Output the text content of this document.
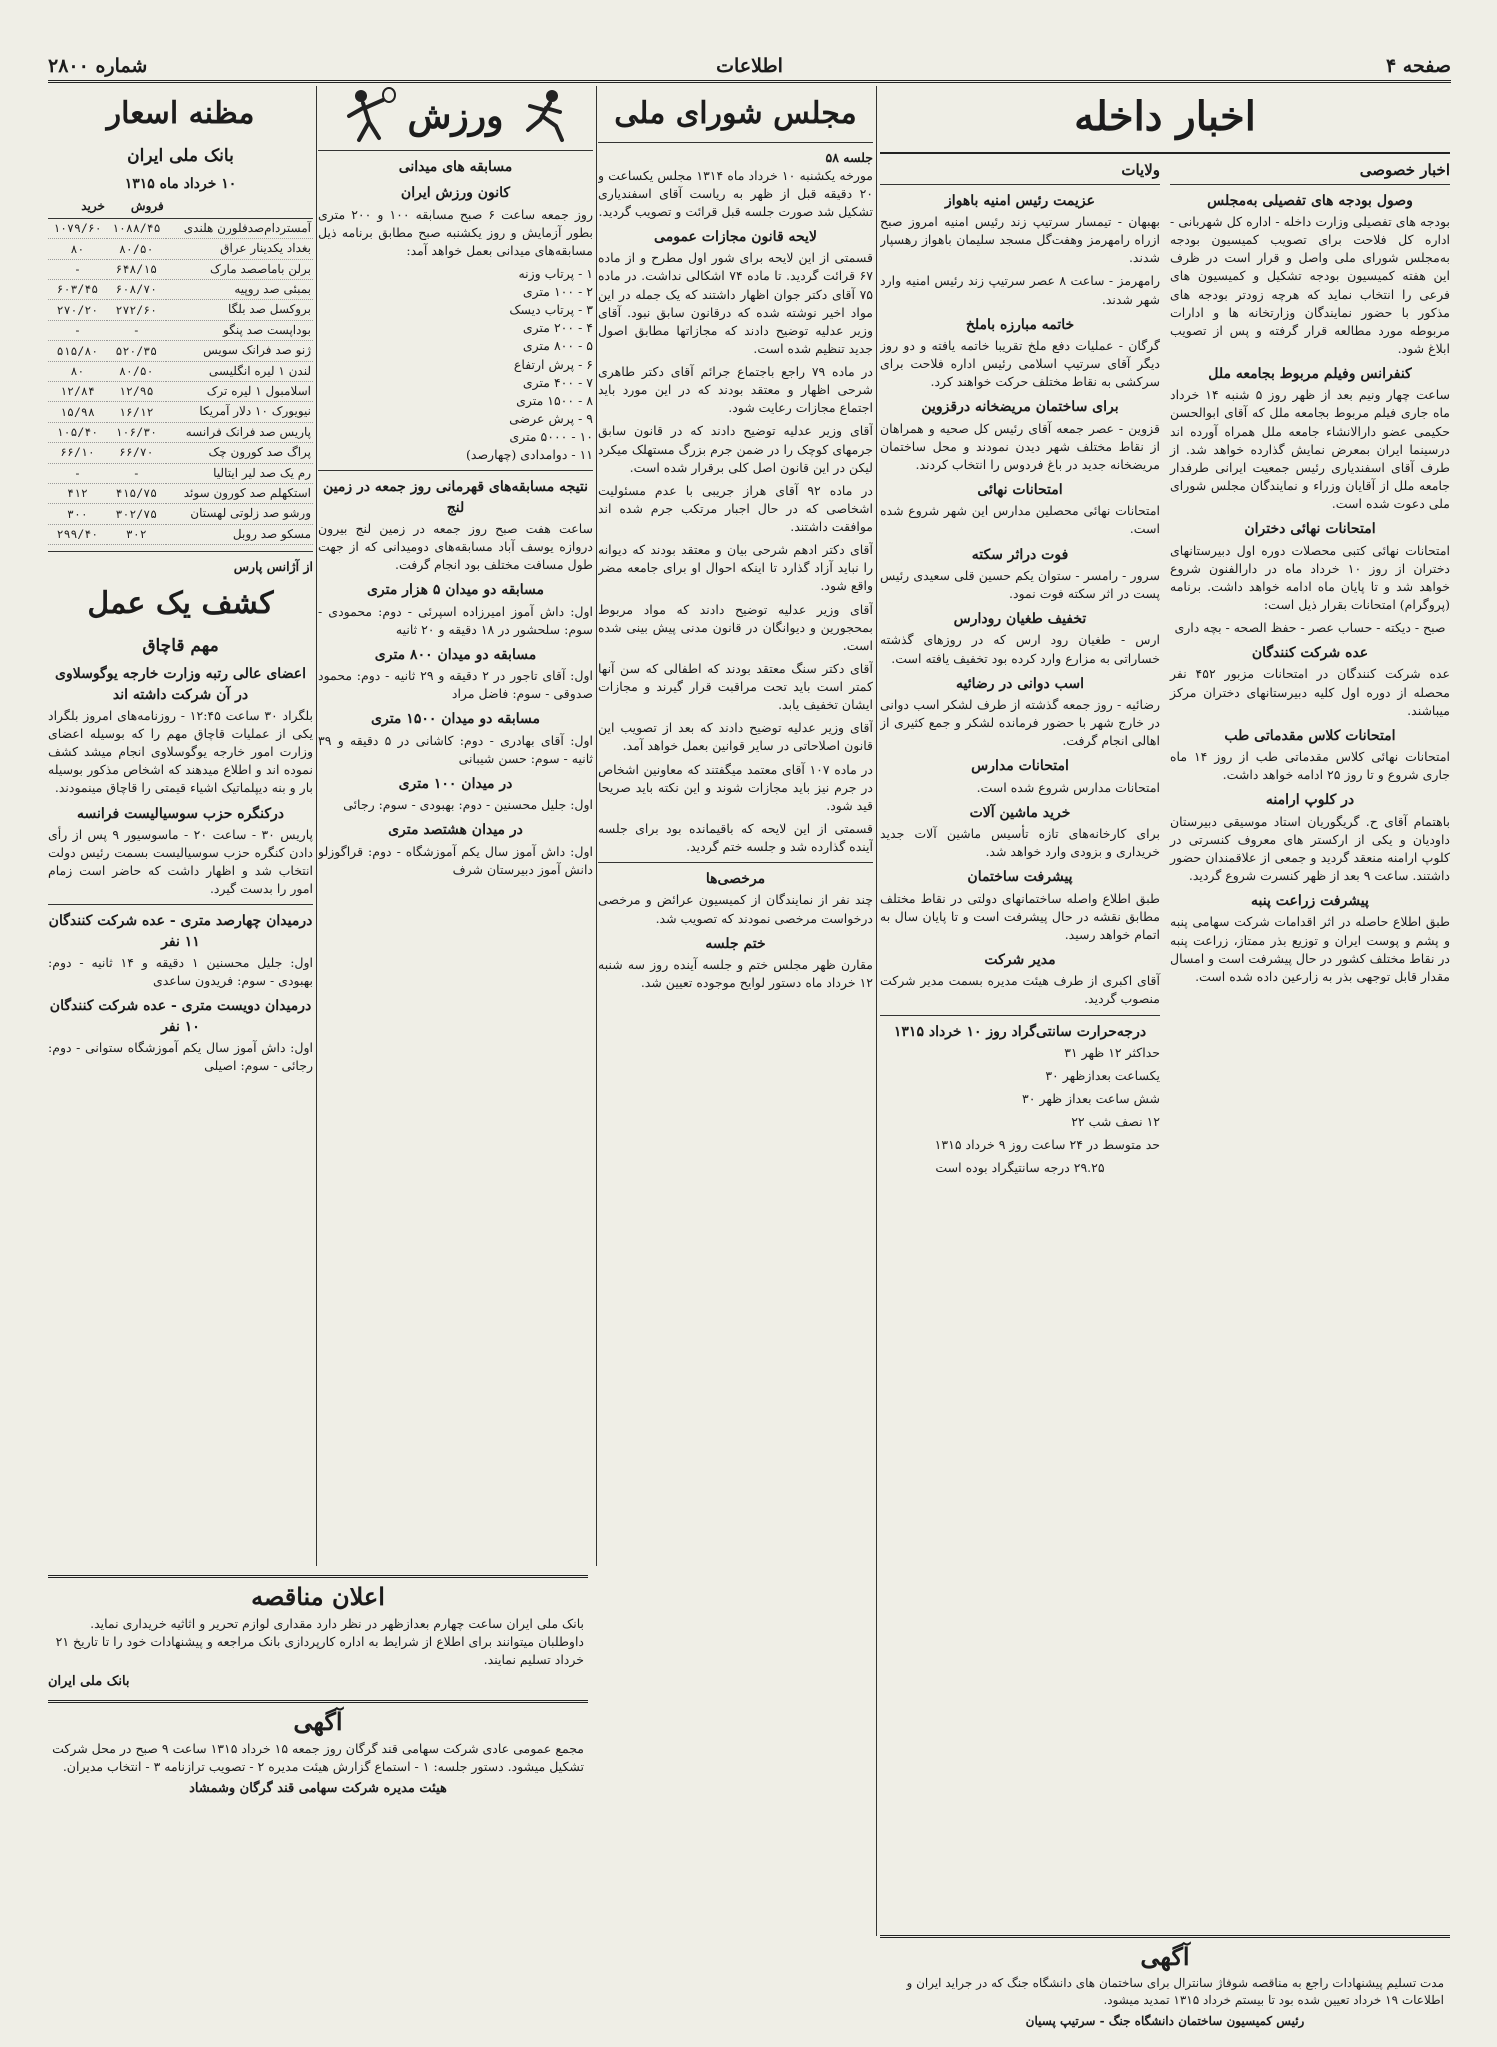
صفحه ۴
اطلاعات
شماره ۲۸۰۰
اخبار داخله
اخبار خصوصی
وصول بودجه های تفصیلی به‌مجلس

بودجه های تفصیلی وزارت داخله - اداره کل شهربانی - اداره کل فلاحت برای تصویب کمیسیون بودجه به‌مجلس شورای ملی واصل و قرار است در ظرف این هفته کمیسیون بودجه تشکیل و کمیسیون های فرعی را انتخاب نماید که هرچه زودتر بودجه های مذکور با حضور نمایندگان وزارتخانه ها و ادارات مربوطه مورد مطالعه قرار گرفته و پس از تصویب ابلاغ شود.

کنفرانس وفیلم مربوط بجامعه ملل

ساعت چهار ونیم بعد از ظهر روز ۵ شنبه ۱۴ خرداد ماه جاری فیلم مربوط بجامعه ملل که آقای ابوالحسن حکیمی عضو دارالانشاء جامعه ملل همراه آورده اند درسینما ایران بمعرض نمایش گذارده خواهد شد. از طرف آقای اسفندیاری رئیس جمعیت ایرانی طرفدار جامعه ملل از آقایان وزراء و نمایندگان مجلس شورای ملی دعوت شده است.

امتحانات نهائی دختران

امتحانات نهائی کتبی محصلات دوره اول دبیرستانهای دختران از روز ۱۰ خرداد ماه در دارالفنون شروع خواهد شد و تا پایان ماه ادامه خواهد داشت. برنامه (پروگرام) امتحانات بقرار ذیل است:

صبح - دیکته - حساب عصر - حفظ الصحه - بچه داری

عده شرکت کنندگان

عده شرکت کنندگان در امتحانات مزبور ۴۵۲ نفر محصله از دوره اول کلیه دبیرستانهای دختران مرکز میباشند.

امتحانات کلاس مقدماتی طب

امتحانات نهائی کلاس مقدماتی طب از روز ۱۴ ماه جاری شروع و تا روز ۲۵ ادامه خواهد داشت.

در کلوپ ارامنه

باهتمام آقای ح. گریگوریان استاد موسیقی دبیرستان داودیان و یکی از ارکستر های معروف کنسرتی در کلوپ ارامنه منعقد گردید و جمعی از علاقمندان حضور داشتند. ساعت ۹ بعد از ظهر کنسرت شروع گردید.

پیشرفت زراعت پنبه

طبق اطلاع حاصله در اثر اقدامات شرکت سهامی پنبه و پشم و پوست ایران و توزیع بذر ممتاز، زراعت پنبه در نقاط مختلف کشور در حال پیشرفت است و امسال مقدار قابل توجهی بذر به زارعین داده شده است.

ولايات
عزیمت رئیس امنیه باهواز

بهبهان - تیمسار سرتیپ زند رئیس امنیه امروز صبح ازراه رامهرمز وهفت‌گل مسجد سلیمان باهواز رهسپار شدند.

رامهرمز - ساعت ۸ عصر سرتیپ زند رئیس امنیه وارد شهر شدند.

خاتمه مبارزه باملخ

گرگان - عملیات دفع ملخ تقریبا خاتمه یافته و دو روز دیگر آقای سرتیپ اسلامی رئیس اداره فلاحت برای سرکشی به نقاط مختلف حرکت خواهند کرد.

برای ساختمان مریضخانه درقزوین

قزوین - عصر جمعه آقای رئیس کل صحیه و همراهان از نقاط مختلف شهر دیدن نمودند و محل ساختمان مریضخانه جدید در باغ فردوس را انتخاب کردند.

امتحانات نهائی

امتحانات نهائی محصلین مدارس این شهر شروع شده است.

فوت دراثر سکته

سرور - رامسر - ستوان یکم حسین قلی سعیدی رئیس پست در اثر سکته فوت نمود.

تخفیف طغیان رودارس

ارس - طغیان رود ارس که در روزهای گذشته خساراتی به مزارع وارد کرده بود تخفیف یافته است.

اسب دوانی در رضائیه

رضائیه - روز جمعه گذشته از طرف لشکر اسب دوانی در خارج شهر با حضور فرمانده لشکر و جمع کثیری از اهالی انجام گرفت.

امتحانات مدارس

امتحانات مدارس شروع شده است.

خرید ماشین آلات

برای کارخانه‌های تازه تأسیس ماشین آلات جدید خریداری و بزودی وارد خواهد شد.

پیشرفت ساختمان

طبق اطلاع واصله ساختمانهای دولتی در نقاط مختلف مطابق نقشه در حال پیشرفت است و تا پایان سال به اتمام خواهد رسید.

مدیر شرکت

آقای اکبری از طرف هیئت مدیره بسمت مدیر شرکت منصوب گردید.

درجه‌حرارت سانتی‌گراد روز ۱۰ خرداد ۱۳۱۵
حداکثر ۱۲ ظهر ۳۱
یکساعت بعدازظهر ۳۰
شش ساعت بعداز ظهر ۳۰
۱۲ نصف شب ۲۲
حد متوسط در ۲۴ ساعت روز ۹ خرداد ۱۳۱۵
۲۹.۲۵ درجه سانتیگراد بوده است
مجلس شورای ملی
جلسه ۵۸

مورخه یکشنبه ۱۰ خرداد ماه ۱۳۱۴ مجلس یکساعت و ۲۰ دقیقه قبل از ظهر به ریاست آقای اسفندیاری تشکیل شد صورت جلسه قبل قرائت و تصویب گردید.

لایحه قانون مجازات عمومی

قسمتی از این لایحه برای شور اول مطرح و از ماده ۶۷ قرائت گردید. تا ماده ۷۴ اشکالی نداشت. در ماده ۷۵ آقای دکتر جوان اظهار داشتند که یک جمله در این مواد اخیر نوشته شده که درقانون سابق نبود. آقای وزیر عدلیه توضیح دادند که مجازاتها مطابق اصول جدید تنظیم شده است.

در ماده ۷۹ راجع باجتماع جرائم آقای دکتر طاهری شرحی اظهار و معتقد بودند که در این مورد باید اجتماع مجازات رعایت شود.

آقای وزیر عدلیه توضیح دادند که در قانون سابق جرمهای کوچک را در ضمن جرم بزرگ مستهلک میکرد لیکن در این قانون اصل کلی برقرار شده است.

در ماده ۹۲ آقای هراز جریبی با عدم مسئولیت اشخاصی که در حال اجبار مرتکب جرم شده اند موافقت داشتند.

آقای دکتر ادهم شرحی بیان و معتقد بودند که دیوانه را نباید آزاد گذارد تا اینکه احوال او برای جامعه مضر واقع شود.

آقای وزیر عدلیه توضیح دادند که مواد مربوط بمحجورین و دیوانگان در قانون مدنی پیش بینی شده است.

آقای دکتر سنگ معتقد بودند که اطفالی که سن آنها کمتر است باید تحت مراقبت قرار گیرند و مجازات ایشان تخفیف یابد.

آقای وزیر عدلیه توضیح دادند که بعد از تصویب این قانون اصلاحاتی در سایر قوانین بعمل خواهد آمد.

در ماده ۱۰۷ آقای معتمد میگفتند که معاونین اشخاص در جرم نیز باید مجازات شوند و این نکته باید صریحا قید شود.

قسمتی از این لایحه که باقیمانده بود برای جلسه آینده گذارده شد و جلسه ختم گردید.

مرخصی‌ها

چند نفر از نمایندگان از کمیسیون عرائض و مرخصی درخواست مرخصی نمودند که تصویب شد.

ختم جلسه

مقارن ظهر مجلس ختم و جلسه آینده روز سه شنبه ۱۲ خرداد ماه دستور لوایح موجوده تعیین شد.

ورزش
مسابقه های میدانی
کانون ورزش ایران

روز جمعه ساعت ۶ صبح مسابقه ۱۰۰ و ۲۰۰ متری بطور آزمایش و روز یکشنبه صبح مطابق برنامه ذیل مسابقه‌های میدانی بعمل خواهد آمد:

۱ - پرتاب وزنه
۲ - ۱۰۰ متری
۳ - پرتاب دیسک
۴ - ۲۰۰ متری
۵ - ۸۰۰ متری
۶ - پرش ارتفاع
۷ - ۴۰۰ متری
۸ - ۱۵۰۰ متری
۹ - پرش عرضی
۱۰ - ۵۰۰۰ متری
۱۱ - دوامدادی (چهارصد)
نتیجه مسابقه‌های قهرمانی روز جمعه در زمین لنج

ساعت هفت صبح روز جمعه در زمین لنج بیرون دروازه یوسف آباد مسابقه‌های دومیدانی که از جهت طول مسافت مختلف بود انجام گرفت.

مسابقه دو میدان ۵ هزار متری

اول: داش آموز امیرزاده اسپرئی - دوم: محمودی - سوم: سلحشور در ۱۸ دقیقه و ۲۰ ثانیه

مسابقه دو میدان ۸۰۰ متری

اول: آقای تاجور در ۲ دقیقه و ۲۹ ثانیه - دوم: محمود صدوقی - سوم: فاضل مراد

مسابقه دو میدان ۱۵۰۰ متری

اول: آقای بهادری - دوم: کاشانی در ۵ دقیقه و ۳۹ ثانیه - سوم: حسن شیبانی

در میدان ۱۰۰ متری

اول: جلیل محسنین - دوم: بهبودی - سوم: رجائی

در میدان هشتصد متری

اول: داش آموز سال یکم آموزشگاه - دوم: قراگوزلو دانش آموز دبیرستان شرف

مظنه اسعار
بانک ملی ایران
۱۰ خرداد ماه ۱۳۱۵
	فروش	خرید
آمستردام‌صدفلورن هلندی	۱۰۸۸/۴۵	۱۰۷۹/۶۰
بغداد یکدینار عراق	۸۰/۵۰	۸۰
برلن باماصصد مارک	۶۴۸/۱۵	-
بمبئی صد روپیه	۶۰۸/۷۰	۶۰۳/۴۵
بروکسل صد بلگا	۲۷۲/۶۰	۲۷۰/۲۰
بوداپست صد پنگو	-	-
ژنو صد فرانک سویس	۵۲۰/۳۵	۵۱۵/۸۰
لندن ۱ لیره انگلیسی	۸۰/۵۰	۸۰
اسلامبول ۱ لیره ترک	۱۲/۹۵	۱۲/۸۴
نیویورک ۱۰ دلار آمریکا	۱۶/۱۲	۱۵/۹۸
پاریس صد فرانک فرانسه	۱۰۶/۳۰	۱۰۵/۴۰
پراگ صد کورون چک	۶۶/۷۰	۶۶/۱۰
رم یک صد لیر ایتالیا	-	-
استکهلم صد کورون سوئد	۴۱۵/۷۵	۴۱۲
ورشو صد زلوتی لهستان	۳۰۲/۷۵	۳۰۰
مسکو صد روبل	۳۰۲	۲۹۹/۴۰
از آژانس پارس
کشف یک عمل
مهم قاچاق
اعضای عالی رتبه وزارت خارجه یوگوسلاوی در آن شرکت داشته اند

بلگراد ۳۰ ساعت ۱۲:۴۵ - روزنامه‌های امروز بلگراد یکی از عملیات قاچاق مهم را که بوسیله اعضای وزارت امور خارجه یوگوسلاوی انجام میشد کشف نموده اند و اطلاع میدهند که اشخاص مذکور بوسیله بار و بنه دیپلماتیک اشیاء قیمتی را قاچاق مینمودند.

درکنگره حزب سوسیالیست فرانسه

پاریس ۳۰ - ساعت ۲۰ - ماسوسیور ۹ پس از رأی دادن کنگره حزب سوسیالیست بسمت رئیس دولت انتخاب شد و اظهار داشت که حاضر است زمام امور را بدست گیرد.

درمیدان چهارصد متری - عده شرکت کنندگان ۱۱ نفر

اول: جلیل محسنین ۱ دقیقه و ۱۴ ثانیه - دوم: بهبودی - سوم: فریدون ساعدی

درمیدان دویست متری - عده شرکت کنندگان ۱۰ نفر

اول: داش آموز سال یکم آموزشگاه ستوانی - دوم: رجائی - سوم: اصیلی

اعلان مناقصه

بانک ملی ایران ساعت چهارم بعدازظهر در نظر دارد مقداری لوازم تحریر و اثاثیه خریداری نماید. داوطلبان میتوانند برای اطلاع از شرایط به اداره کارپردازی بانک مراجعه و پیشنهادات خود را تا تاریخ ۲۱ خرداد تسلیم نمایند.

بانک ملی ایران
آگهی

مجمع عمومی عادی شرکت سهامی قند گرگان روز جمعه ۱۵ خرداد ۱۳۱۵ ساعت ۹ صبح در محل شرکت تشکیل میشود. دستور جلسه: ۱ - استماع گزارش هیئت مدیره ۲ - تصویب ترازنامه ۳ - انتخاب مدیران.

هیئت مدیره شرکت سهامی قند گرگان وشمشاد
آگهی

مدت تسلیم پیشنهادات راجع به مناقصه شوفاژ سانترال برای ساختمان های دانشگاه جنگ که در جراید ایران و اطلاعات ۱۹ خرداد تعیین شده بود تا بیستم خرداد ۱۳۱۵ تمدید میشود.

رئیس کمیسیون ساختمان دانشگاه جنگ - سرتیپ پسیان
